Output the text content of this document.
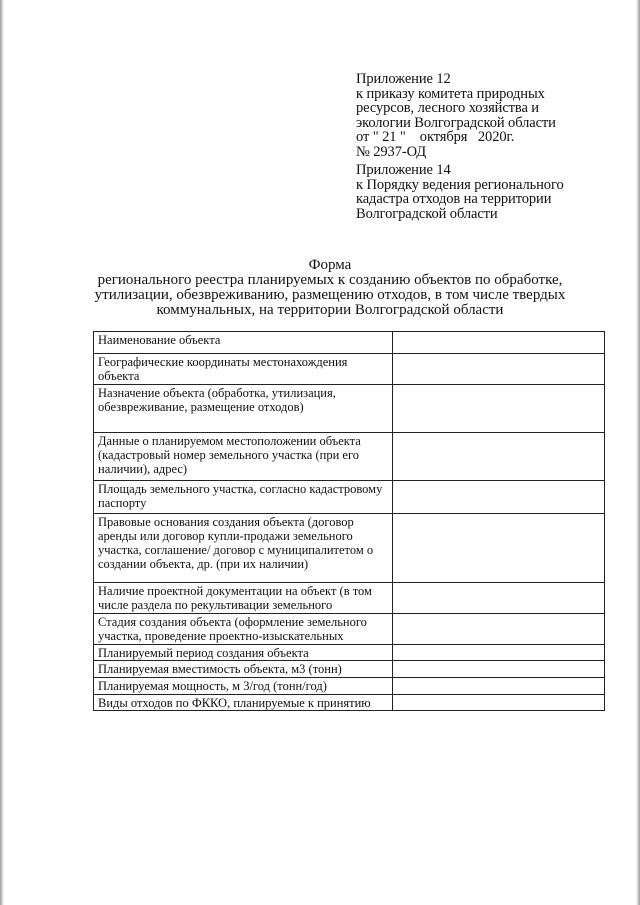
Приложение 12
к приказу комитета природных
ресурсов, лесного хозяйства и
экологии Волгоградской области
от " 21 "    октября   2020г.
№ 2937-ОД
Приложение 14
к Порядку ведения регионального
кадастра отходов на территории
Волгоградской области
Форма
регионального реестра планируемых к созданию объектов по обработке,
утилизации, обезвреживанию, размещению отходов, в том числе твердых
коммунальных, на территории Волгоградской области
Наименование объекта	
Географические координаты местонахождения объекта	
Назначение объекта (обработка, утилизация, обезвреживание, размещение отходов)	
Данные о планируемом местоположении объекта (кадастровый номер земельного участка (при его наличии), адрес)	
Площадь земельного участка, согласно кадастровому паспорту	
Правовые основания создания объекта (договор аренды или договор купли-продажи земельного участка, соглашение/ договор с муниципалитетом о создании объекта, др. (при их наличии)	
Наличие проектной документации на объект (в том числе раздела по рекультивации земельного	
Стадия создания объекта (оформление земельного участка, проведение проектно-изыскательных	
Планируемый период создания объекта	
Планируемая вместимость объекта, м3 (тонн)	
Планируемая мощность, м 3/год (тонн/год)	
Виды отходов по ФККО, планируемые к принятию	
